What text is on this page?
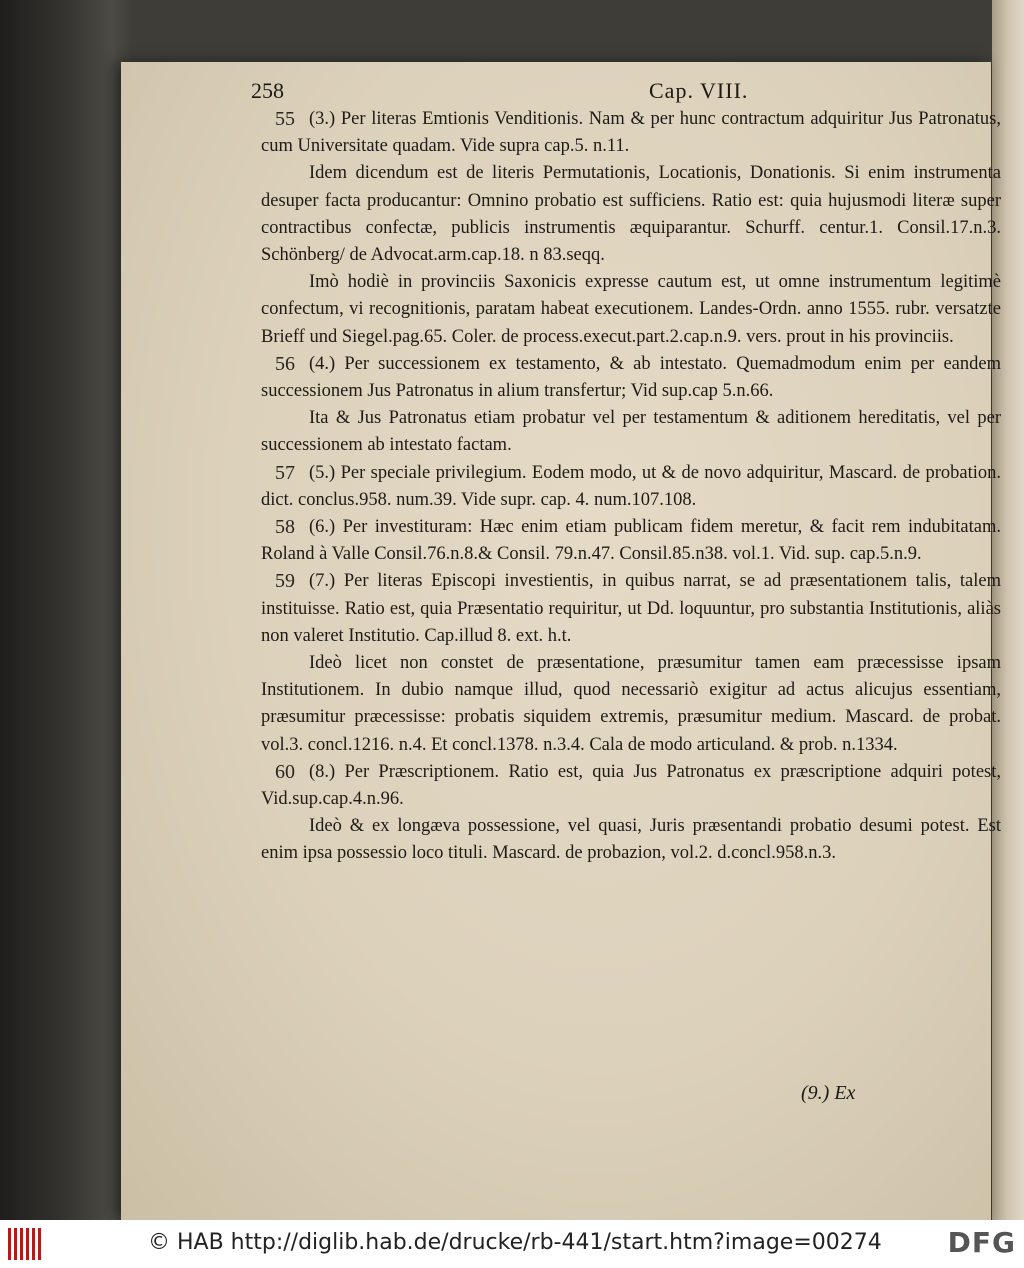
258	Cap. VIII.
55 (3.) Per literas Emtionis Venditionis. Nam & per hunc contractum adquiritur Jus Patronatus, cum Universitate quadam. Vide supra cap.5. n.11.
Idem dicendum est de literis Permutationis, Locationis, Donationis. Si enim instrumenta desuper facta producantur: Omnino probatio est sufficiens. Ratio est: quia hujusmodi literæ super contractibus confectæ, publicis instrumentis æquiparantur. Schurff. centur.1. Consil.17.n.3. Schönberg/ de Advocat.arm.cap.18. n 83.seqq.
Imò hodiè in provinciis Saxonicis expresse cautum est, ut omne instrumentum legitimè confectum, vi recognitionis, paratam habeat executionem. Landes-Ordn. anno 1555. rubr. versatzte Brieff und Siegel.pag.65. Coler. de process.execut.part.2.cap.n.9. vers. prout in his provinciis.
56 (4.) Per successionem ex testamento, & ab intestato. Quemadmodum enim per eandem successionem Jus Patronatus in alium transfertur; Vid sup.cap 5.n.66.
Ita & Jus Patronatus etiam probatur vel per testamentum & aditionem hereditatis, vel per successionem ab intestato factam.
57 (5.) Per speciale privilegium. Eodem modo, ut & de novo adquiritur, Mascard. de probation. dict. conclus.958. num.39. Vide supr. cap. 4. num.107.108.
58 (6.) Per investituram: Hæc enim etiam publicam fidem meretur, & facit rem indubitatam. Roland à Valle Consil.76.n.8.& Consil. 79.n.47. Consil.85.n38. vol.1. Vid. sup. cap.5.n.9.
59 (7.) Per literas Episcopi investientis, in quibus narrat, se ad præsentationem talis, talem instituisse. Ratio est, quia Præsentatio requiritur, ut Dd. loquuntur, pro substantia Institutionis, aliàs non valeret Institutio. Cap.illud 8. ext. h.t.
Ideò licet non constet de præsentatione, præsumitur tamen eam præcessisse ipsam Institutionem. In dubio namque illud, quod necessariò exigitur ad actus alicujus essentiam, præsumitur præcessisse: probatis siquidem extremis, præsumitur medium. Mascard. de probat. vol.3. concl.1216. n.4. Et concl.1378. n.3.4. Cala de modo articuland. & prob. n.1334.
60 (8.) Per Præscriptionem. Ratio est, quia Jus Patronatus ex præscriptione adquiri potest, Vid.sup.cap.4.n.96.
Ideò & ex longæva possessione, vel quasi, Juris præsentandi probatio desumi potest. Est enim ipsa possessio loco tituli. Mascard. de probazion, vol.2. d.concl.958.n.3.
(9.) Ex
© HAB http://diglib.hab.de/drucke/rb-441/start.htm?image=00274 DFG
